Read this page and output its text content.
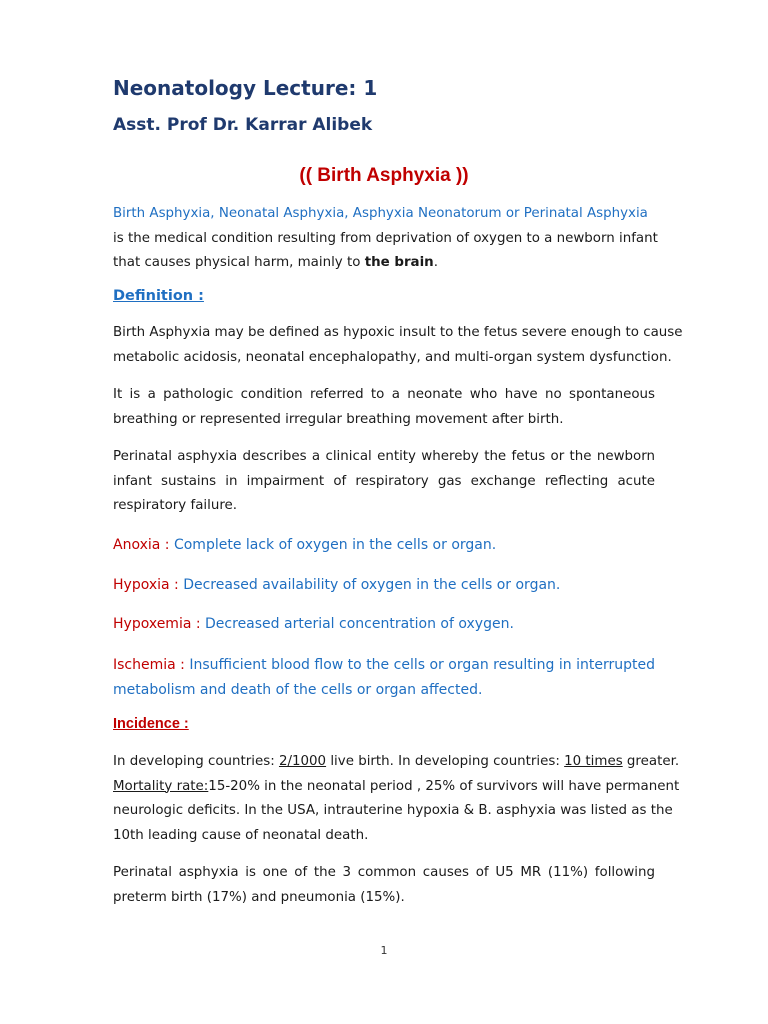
Neonatology Lecture: 1
Asst. Prof Dr. Karrar Alibek
(( Birth Asphyxia ))
Birth Asphyxia, Neonatal Asphyxia, Asphyxia Neonatorum or Perinatal Asphyxia
is the medical condition resulting from deprivation of oxygen to a newborn infant
that causes physical harm, mainly to the brain.
Definition :
Birth Asphyxia may be defined as hypoxic insult to the fetus severe enough to cause
metabolic acidosis, neonatal encephalopathy, and multi-organ system dysfunction.
It is a pathologic condition referred to a neonate who have no spontaneous
breathing or represented irregular breathing movement after birth.
Perinatal asphyxia describes a clinical entity whereby the fetus or the newborn
infant sustains in impairment of respiratory gas exchange reflecting acute
respiratory failure.
Anoxia : Complete lack of oxygen in the cells or organ.
Hypoxia : Decreased availability of oxygen in the cells or organ.
Hypoxemia : Decreased arterial concentration of oxygen.
Ischemia : Insufficient blood flow to the cells or organ resulting in interrupted
metabolism and death of the cells or organ affected.
Incidence :
In developing countries: 2/1000 live birth. In developing countries: 10 times greater.
Mortality rate:15-20% in the neonatal period , 25% of survivors will have permanent
neurologic deficits. In the USA, intrauterine hypoxia & B. asphyxia was listed as the
10th leading cause of neonatal death.
Perinatal asphyxia is one of the 3 common causes of U5 MR (11%) following
preterm birth (17%) and pneumonia (15%).
1
